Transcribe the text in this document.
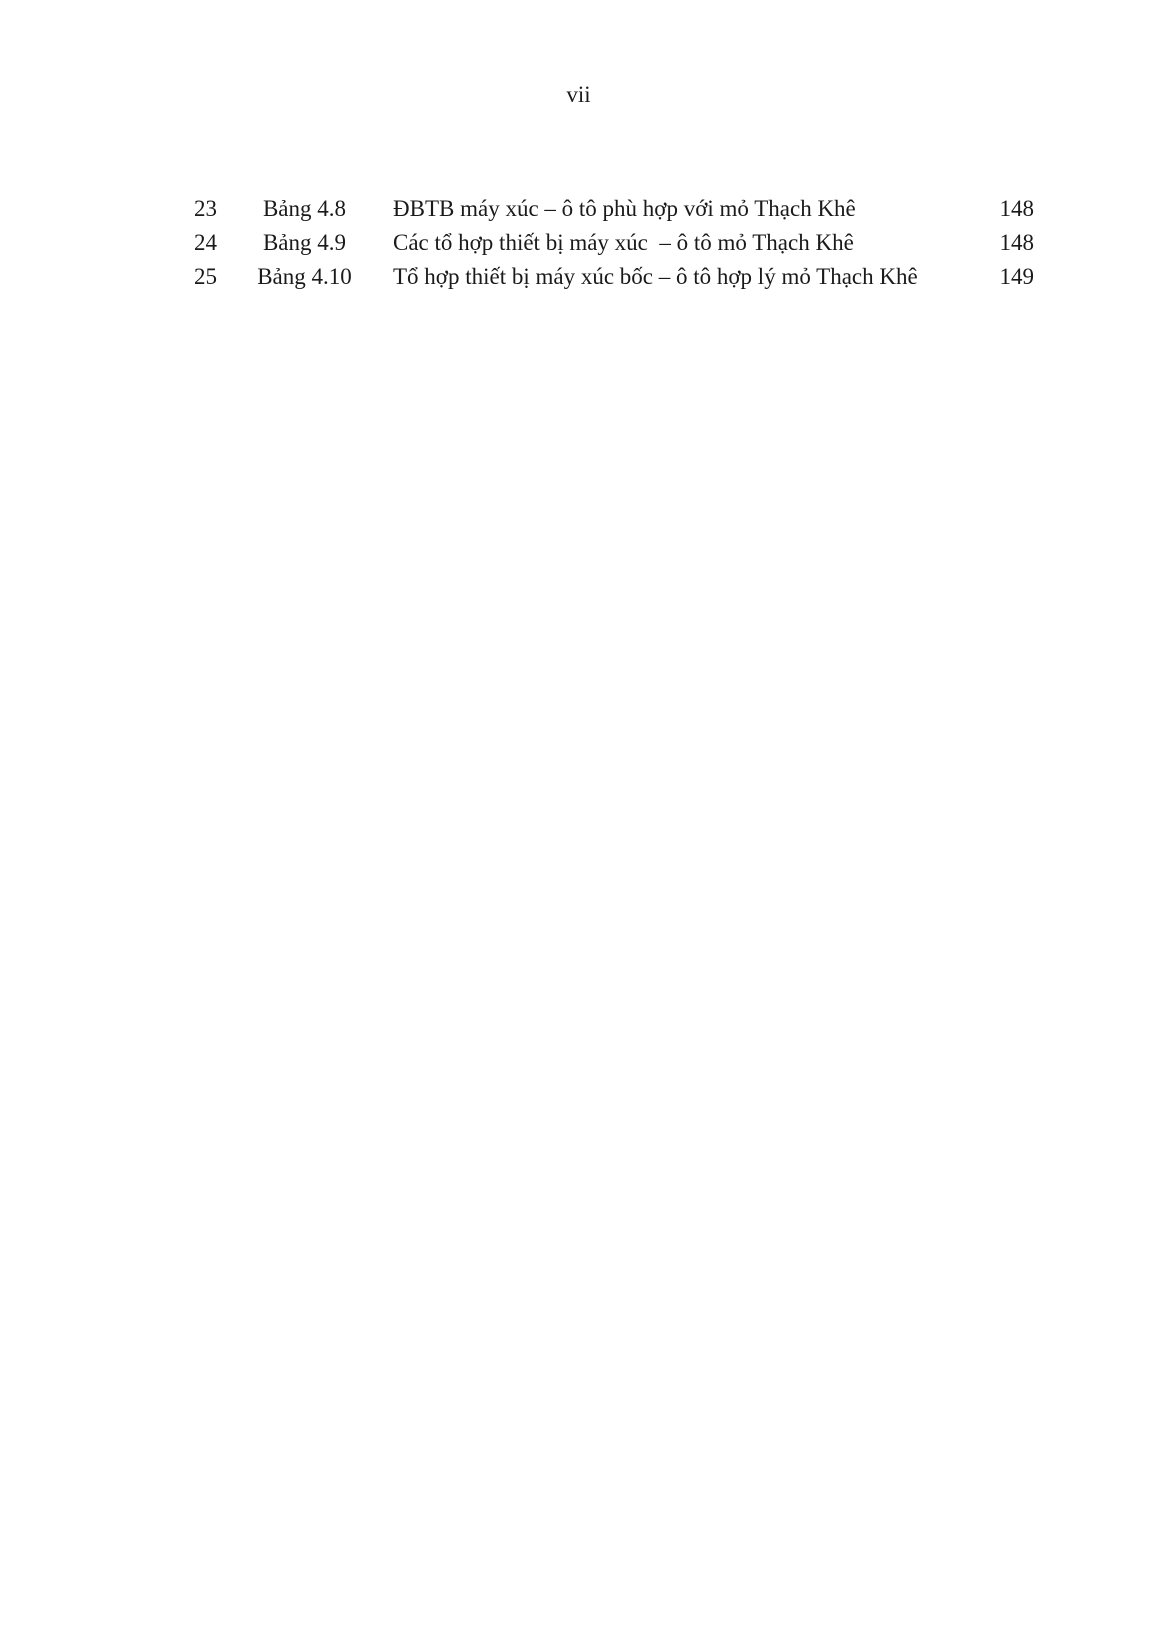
vii
23	Bảng 4.8	ĐBTB máy xúc – ô tô phù hợp với mỏ Thạch Khê	148
24	Bảng 4.9	Các tổ hợp thiết bị máy xúc  – ô tô mỏ Thạch Khê	148
25	Bảng 4.10	Tổ hợp thiết bị máy xúc bốc – ô tô hợp lý mỏ Thạch Khê	149
